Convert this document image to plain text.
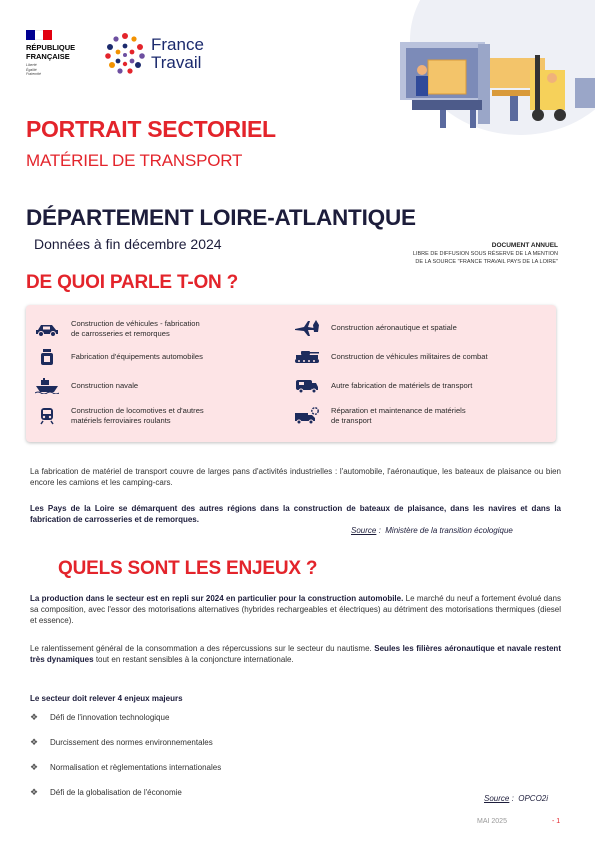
RÉPUBLIQUE
FRANÇAISE
Liberté
Égalité
Fraternité
France
Travail
PORTRAIT SECTORIEL
MATÉRIEL DE TRANSPORT
DÉPARTEMENT LOIRE-ATLANTIQUE
Données à fin décembre 2024	DOCUMENT ANNUEL
LIBRE DE DIFFUSION SOUS RÉSERVE DE LA MENTION
DE LA SOURCE "FRANCE TRAVAIL PAYS DE LA LOIRE"
DE QUOI PARLE T-ON ?
Construction de véhicules - fabrication
de carrosseries et remorques
Fabrication d'équipements automobiles
Construction navale
Construction de locomotives et d'autres
matériels ferroviaires roulants
Construction aéronautique et spatiale
Construction de véhicules militaires de combat
Autre fabrication de matériels de transport
Réparation et maintenance de matériels
de transport
La fabrication de matériel de transport couvre de larges pans d'activités industrielles : l'automobile, l'aéronautique, les bateaux de plaisance ou bien encore les camions et les camping-cars.
Les Pays de la Loire se démarquent des autres régions dans la construction de bateaux de plaisance, dans les navires et dans la fabrication de carrosseries et de remorques.
Source :  Ministère de la transition écologique
QUELS SONT LES ENJEUX ?
La production dans le secteur est en repli sur 2024 en particulier pour la construction automobile. Le marché du neuf a fortement évolué dans sa composition, avec l'essor des motorisations alternatives (hybrides rechargeables et électriques) au détriment des motorisations thermiques (diesel et essence).
Le ralentissement général de la consommation a des répercussions sur le secteur du nautisme. Seules les filières aéronautique et navale restent très dynamiques tout en restant sensibles à la conjoncture internationale.
Le secteur doit relever 4 enjeux majeurs
❖ Défi de l'innovation technologique
❖ Durcissement des normes environnementales
❖ Normalisation et règlementations internationales
❖ Défi de la globalisation de l'économie
Source :  OPCO2i
MAI 2025	- 1
